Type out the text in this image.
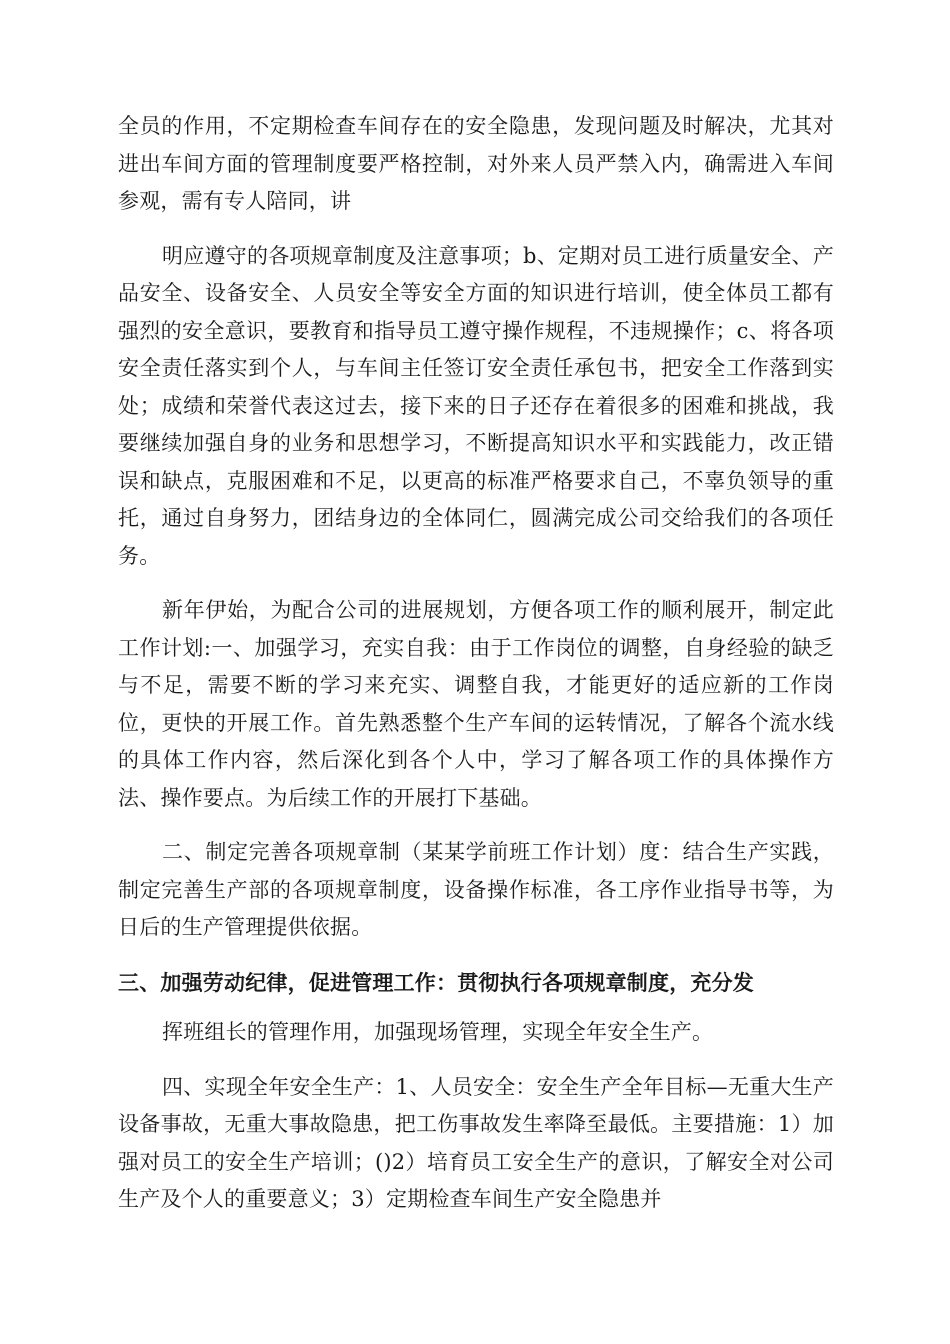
全员的作用，不定期检查车间存在的安全隐患，发现问题及时解决，尤其对进出车间方面的管理制度要严格控制，对外来人员严禁入内，确需进入车间参观，需有专人陪同，讲

明应遵守的各项规章制度及注意事项；b、定期对员工进行质量安全、产品安全、设备安全、人员安全等安全方面的知识进行培训，使全体员工都有强烈的安全意识，要教育和指导员工遵守操作规程，不违规操作；c、将各项安全责任落实到个人，与车间主任签订安全责任承包书，把安全工作落到实处；成绩和荣誉代表这过去，接下来的日子还存在着很多的困难和挑战，我要继续加强自身的业务和思想学习，不断提高知识水平和实践能力，改正错误和缺点，克服困难和不足，以更高的标准严格要求自己，不辜负领导的重托，通过自身努力，团结身边的全体同仁，圆满完成公司交给我们的各项任务。

新年伊始，为配合公司的进展规划，方便各项工作的顺利展开，制定此工作计划:一、加强学习，充实自我：由于工作岗位的调整，自身经验的缺乏与不足，需要不断的学习来充实、调整自我，才能更好的适应新的工作岗位，更快的开展工作。首先熟悉整个生产车间的运转情况，了解各个流水线的具体工作内容，然后深化到各个人中，学习了解各项工作的具体操作方法、操作要点。为后续工作的开展打下基础。

二、制定完善各项规章制（某某学前班工作计划）度：结合生产实践，制定完善生产部的各项规章制度，设备操作标准，各工序作业指导书等，为日后的生产管理提供依据。

三、加强劳动纪律，促进管理工作：贯彻执行各项规章制度，充分发

挥班组长的管理作用，加强现场管理，实现全年安全生产。

四、实现全年安全生产：1、人员安全：安全生产全年目标—无重大生产设备事故，无重大事故隐患，把工伤事故发生率降至最低。主要措施：1）加强对员工的安全生产培训；()2）培育员工安全生产的意识，了解安全对公司生产及个人的重要意义；3）定期检查车间生产安全隐患并
